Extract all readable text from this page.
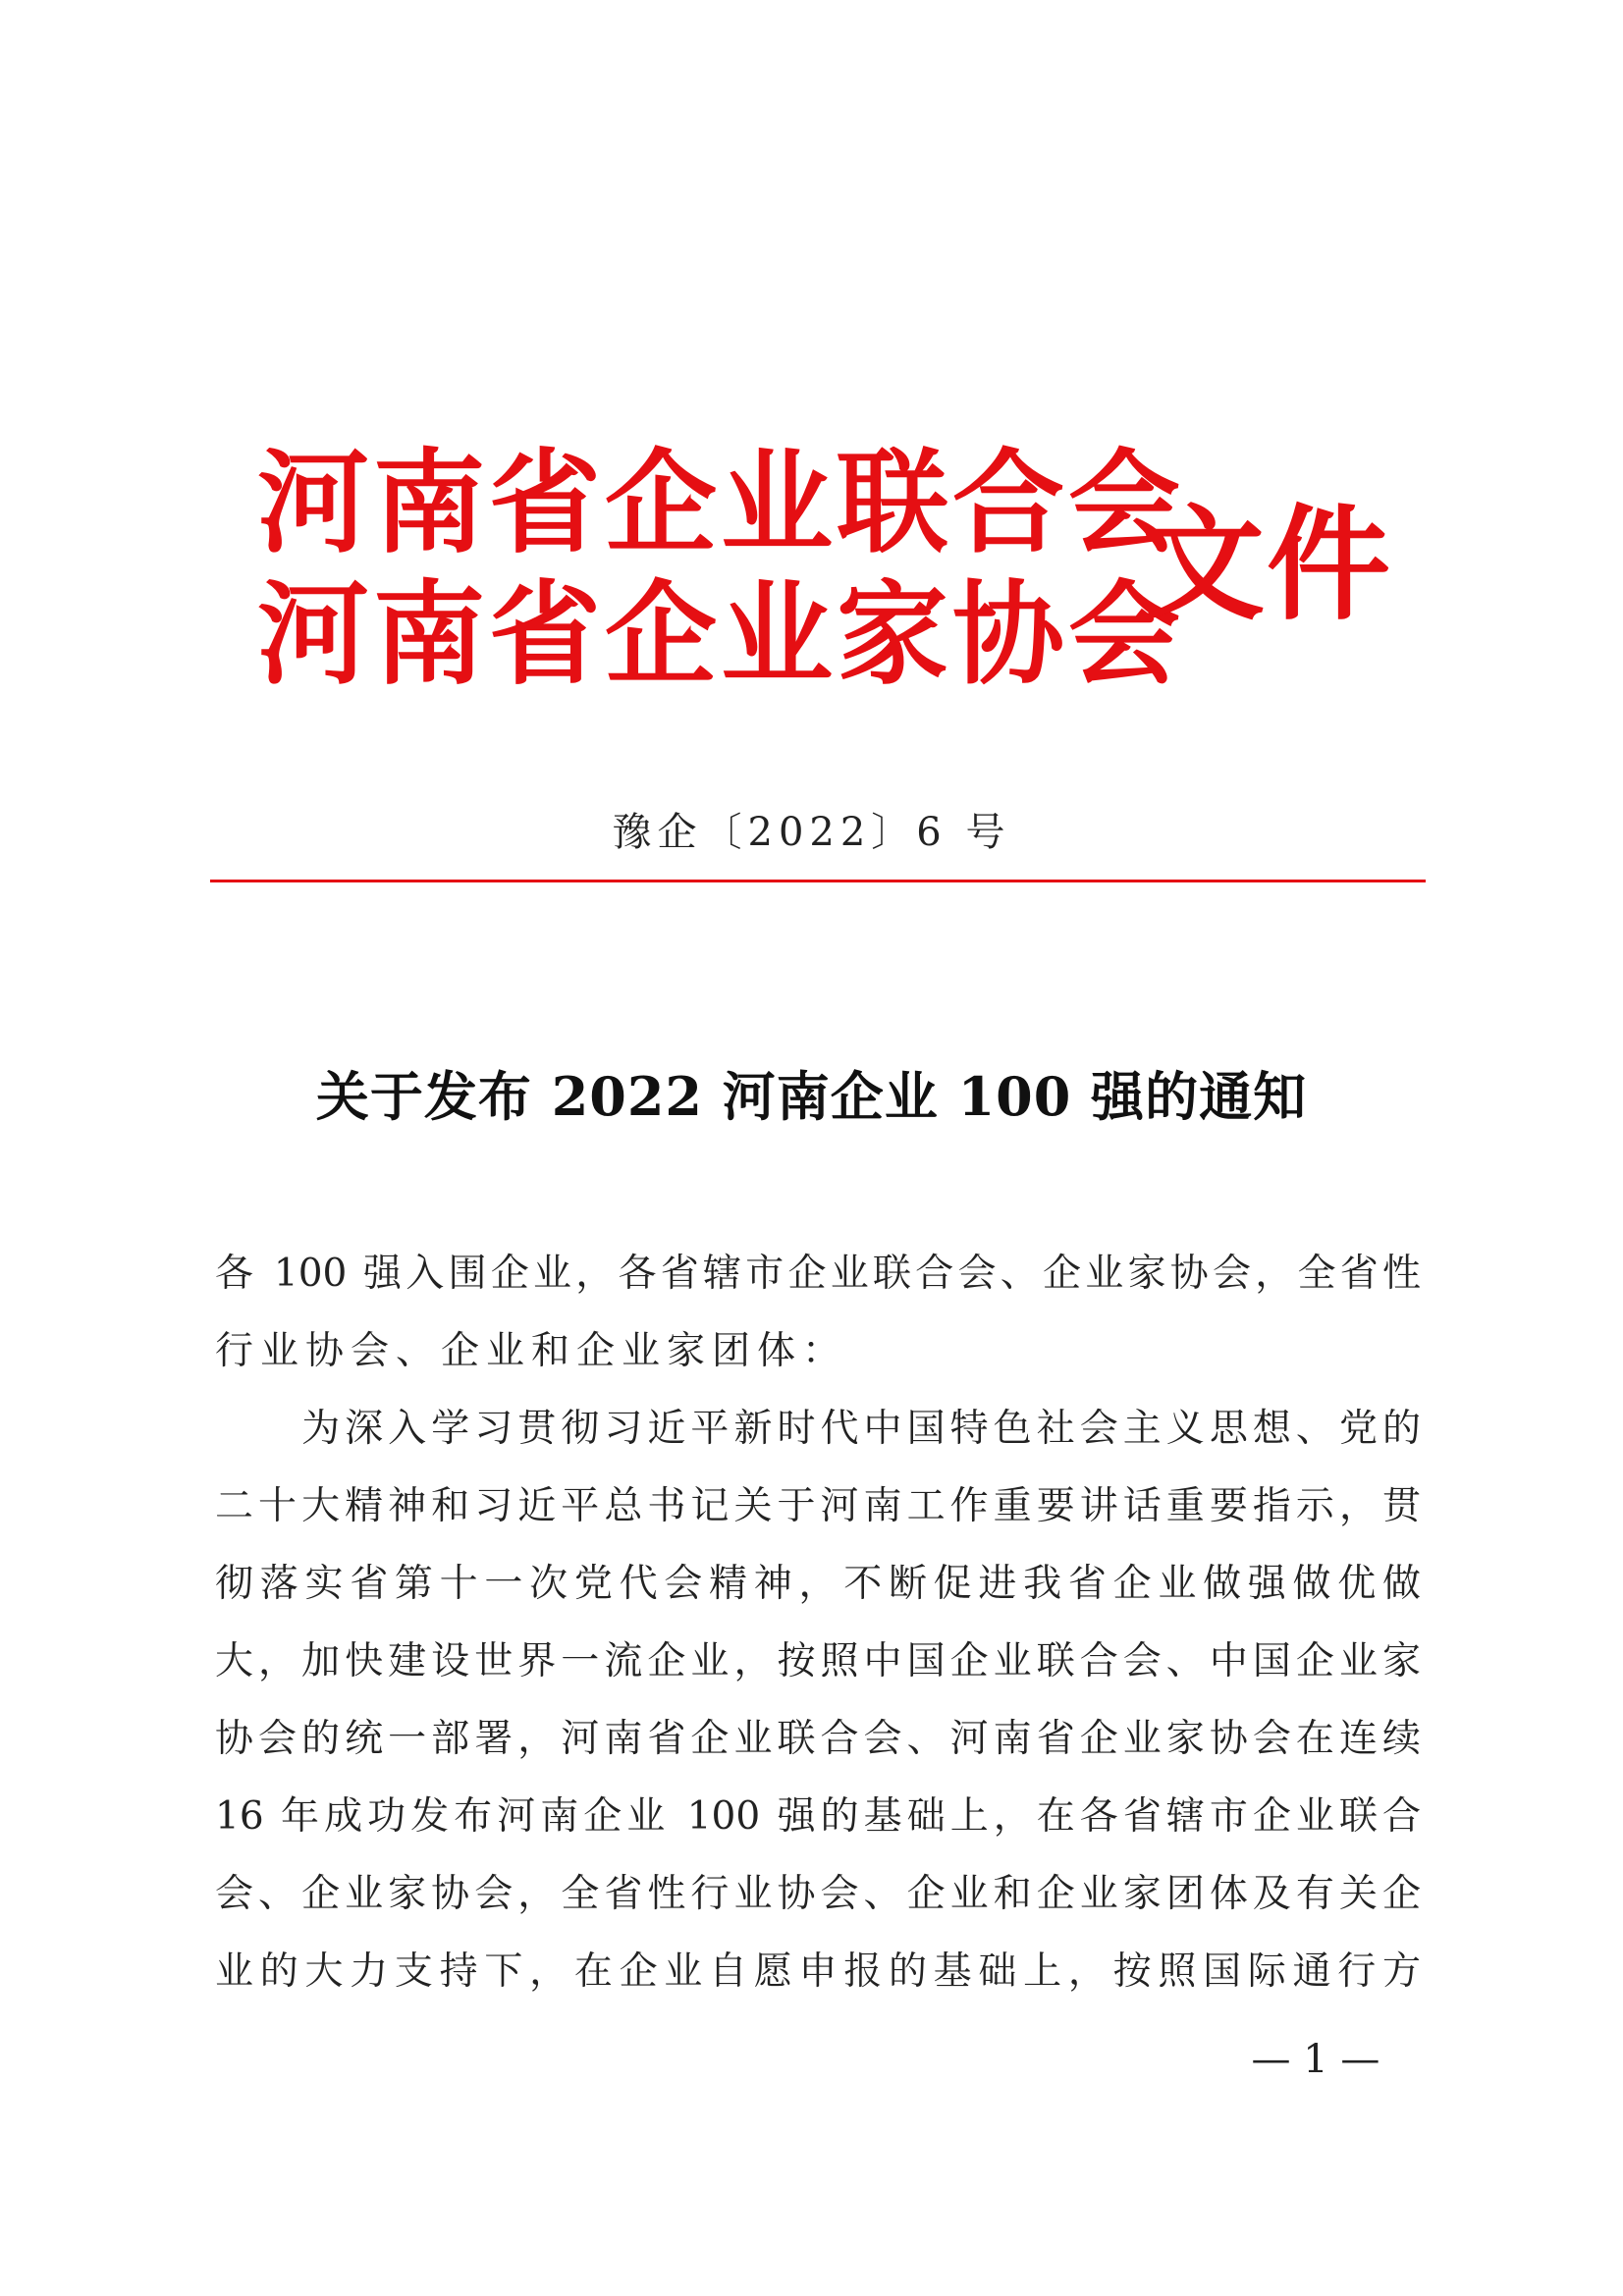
河南省企业联合会
河南省企业家协会
文件
豫企〔2022〕6 号
关于发布 2022 河南企业 100 强的通知
各 100 强入围企业，各省辖市企业联合会、企业家协会，全省性
行业协会、企业和企业家团体：
　　为深入学习贯彻习近平新时代中国特色社会主义思想、党的
二十大精神和习近平总书记关于河南工作重要讲话重要指示，贯
彻落实省第十一次党代会精神，不断促进我省企业做强做优做
大，加快建设世界一流企业，按照中国企业联合会、中国企业家
协会的统一部署，河南省企业联合会、河南省企业家协会在连续
16 年成功发布河南企业 100 强的基础上，在各省辖市企业联合
会、企业家协会，全省性行业协会、企业和企业家团体及有关企
业的大力支持下，在企业自愿申报的基础上，按照国际通行方
— 1 —
